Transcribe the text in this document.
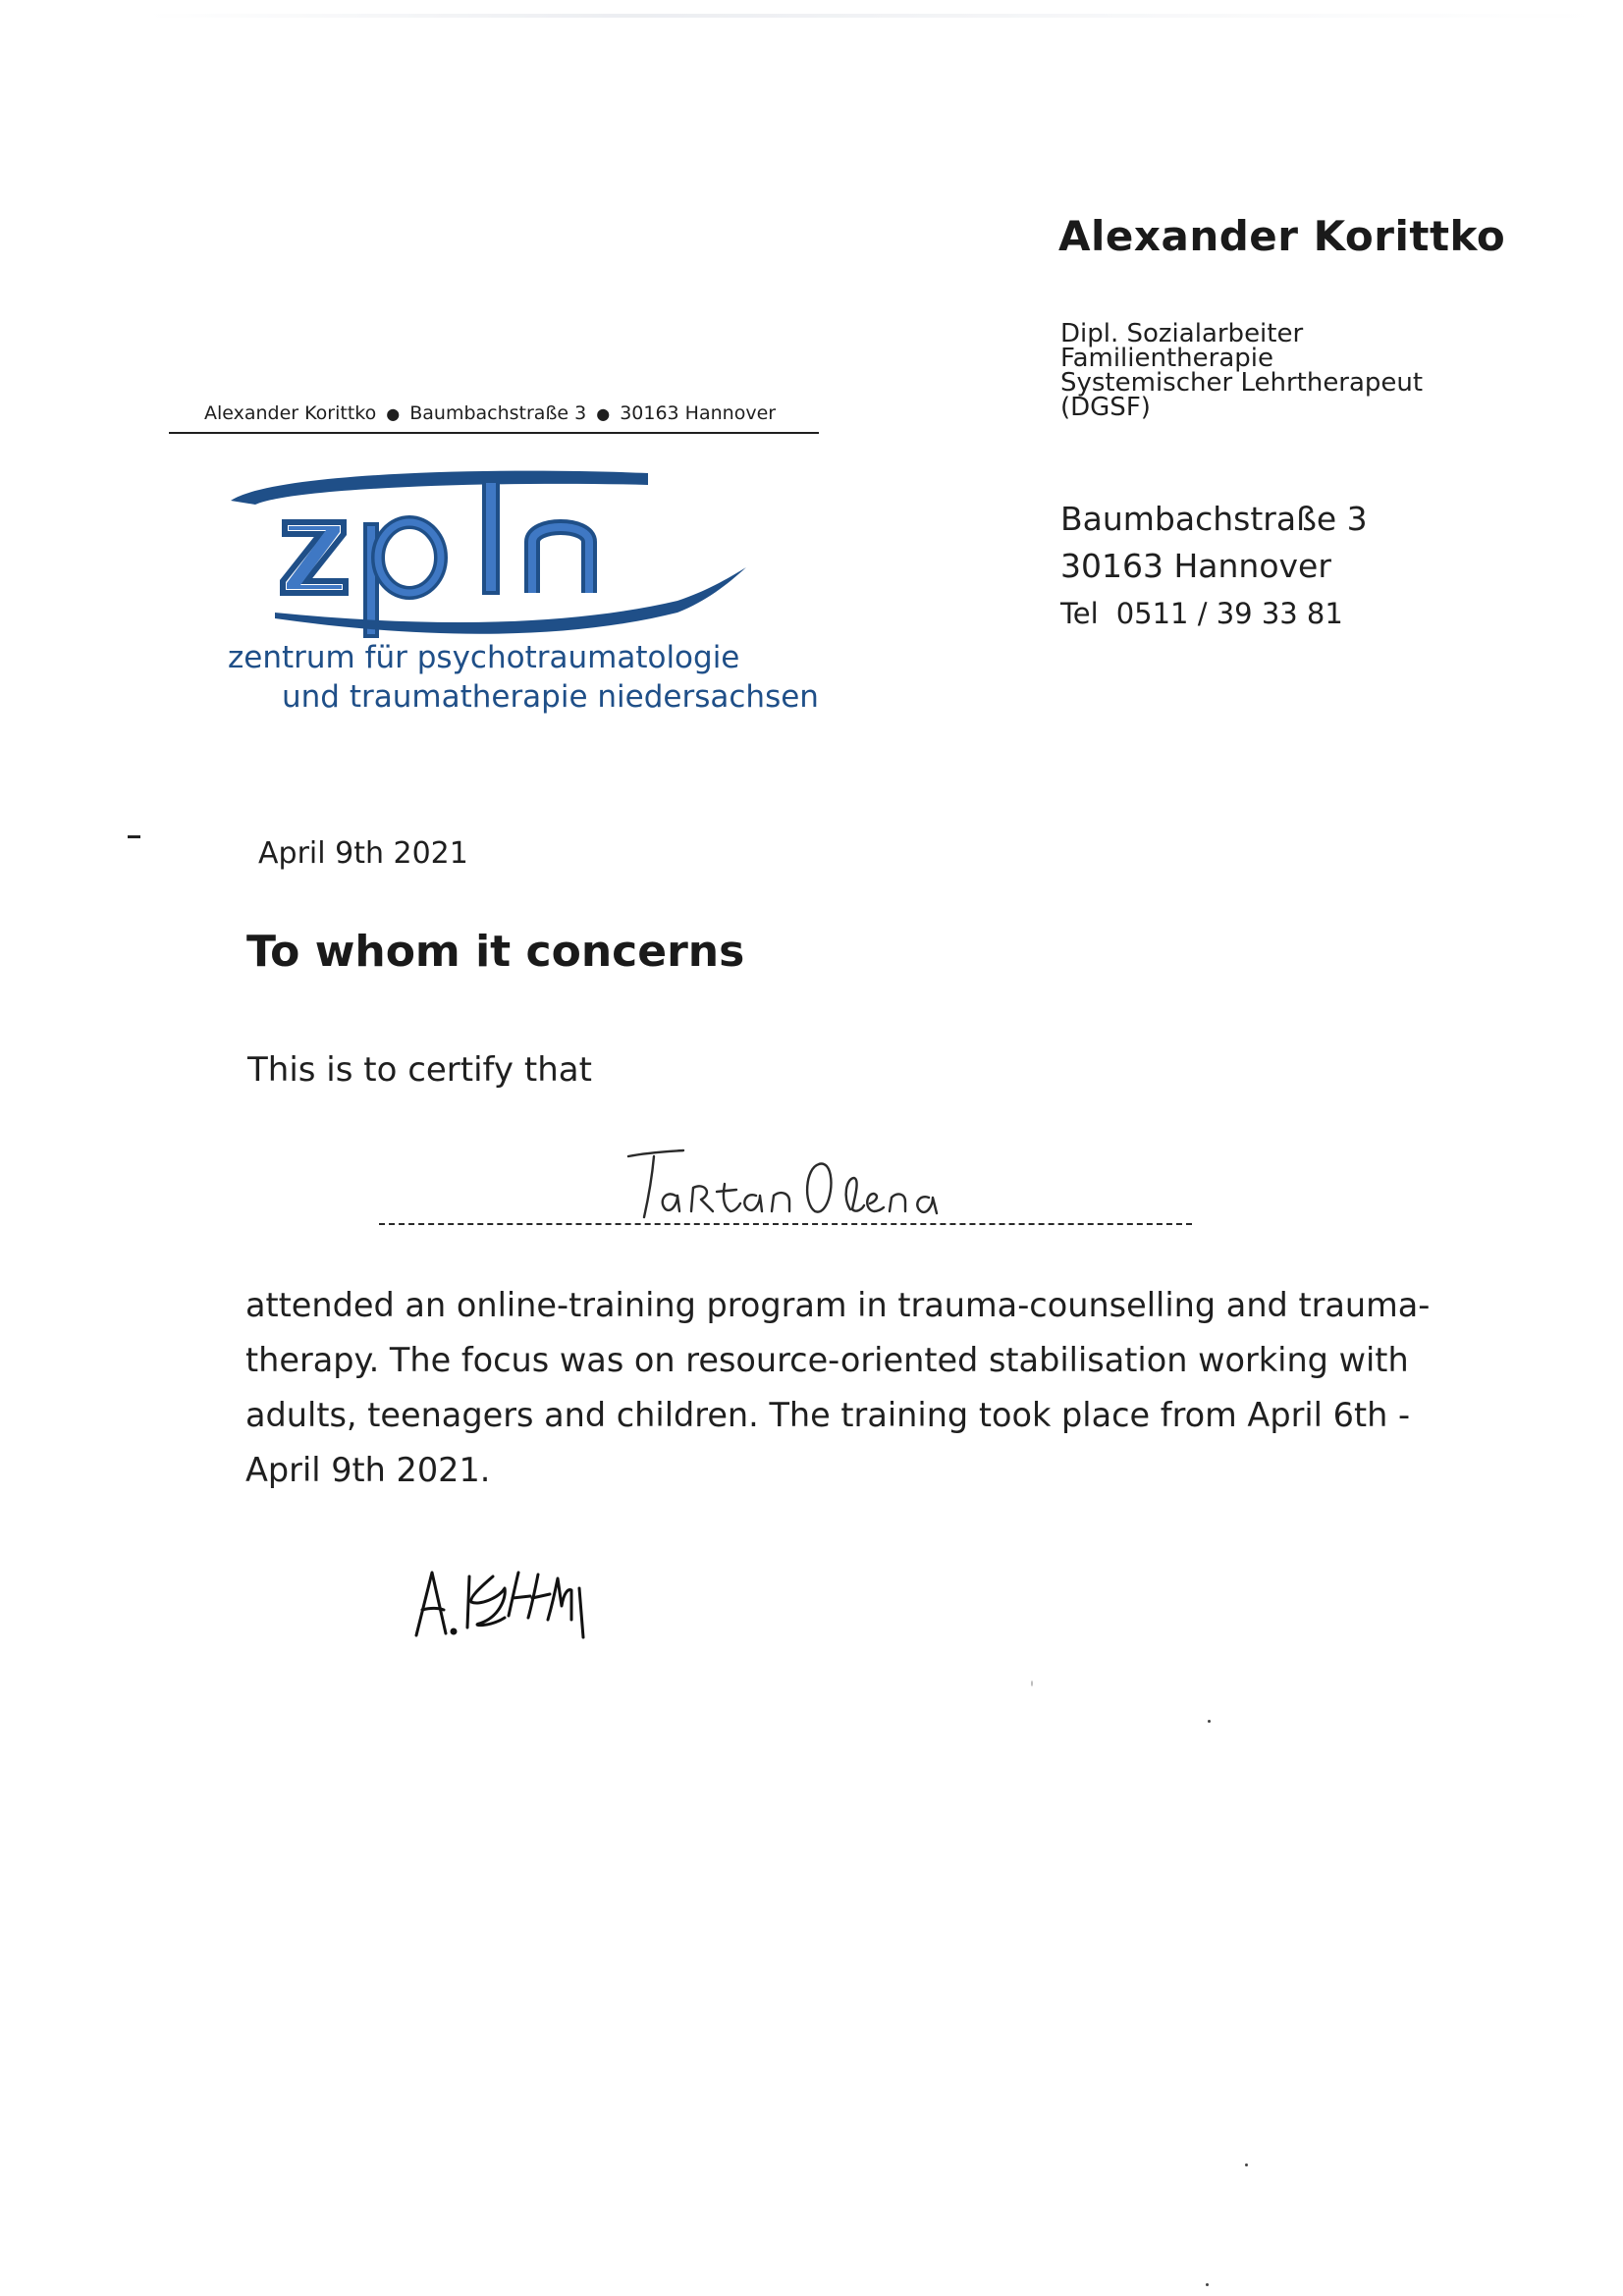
Alexander Korittko
Dipl. Sozialarbeiter
Familientherapie
Systemischer Lehrtherapeut
(DGSF)
Baumbachstraße 3
30163 Hannover
Tel 0511 / 39 33 81
Alexander Korittko ● Baumbachstraße 3 ● 30163 Hannover
zentrum für psychotraumatologie
und traumatherapie niedersachsen
April 9th 2021
To whom it concerns
This is to certify that
attended an online-training program in trauma-counselling and trauma-
therapy. The focus was on resource-oriented stabilisation working with
adults, teenagers and children. The training took place from April 6th -
April 9th 2021.
